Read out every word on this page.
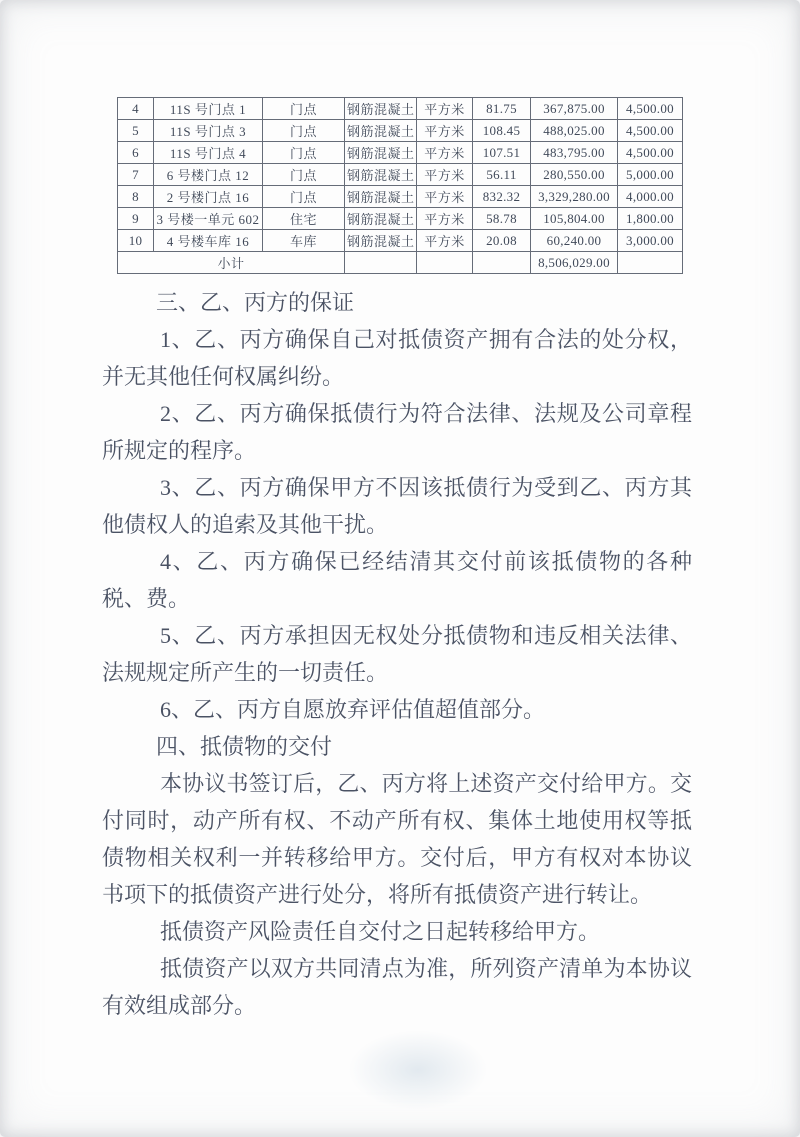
4	11S 号门点 1	门点	钢筋混凝土	平方米	81.75	367,875.00	4,500.00
5	11S 号门点 3	门点	钢筋混凝土	平方米	108.45	488,025.00	4,500.00
6	11S 号门点 4	门点	钢筋混凝土	平方米	107.51	483,795.00	4,500.00
7	6 号楼门点 12	门点	钢筋混凝土	平方米	56.11	280,550.00	5,000.00
8	2 号楼门点 16	门点	钢筋混凝土	平方米	832.32	3,329,280.00	4,000.00
9	3 号楼一单元 602	住宅	钢筋混凝土	平方米	58.78	105,804.00	1,800.00
10	4 号楼车库 16	车库	钢筋混凝土	平方米	20.08	60,240.00	3,000.00
小计						8,506,029.00	

三、乙、丙方的保证

1、乙、丙方确保自己对抵债资产拥有合法的处分权，并无其他任何权属纠纷。

2、乙、丙方确保抵债行为符合法律、法规及公司章程所规定的程序。

3、乙、丙方确保甲方不因该抵债行为受到乙、丙方其他债权人的追索及其他干扰。

4、乙、丙方确保已经结清其交付前该抵债物的各种税、费。

5、乙、丙方承担因无权处分抵债物和违反相关法律、法规规定所产生的一切责任。

6、乙、丙方自愿放弃评估值超值部分。

四、抵债物的交付

本协议书签订后，乙、丙方将上述资产交付给甲方。交付同时，动产所有权、不动产所有权、集体土地使用权等抵债物相关权利一并转移给甲方。交付后，甲方有权对本协议书项下的抵债资产进行处分，将所有抵债资产进行转让。

抵债资产风险责任自交付之日起转移给甲方。

抵债资产以双方共同清点为准，所列资产清单为本协议有效组成部分。
